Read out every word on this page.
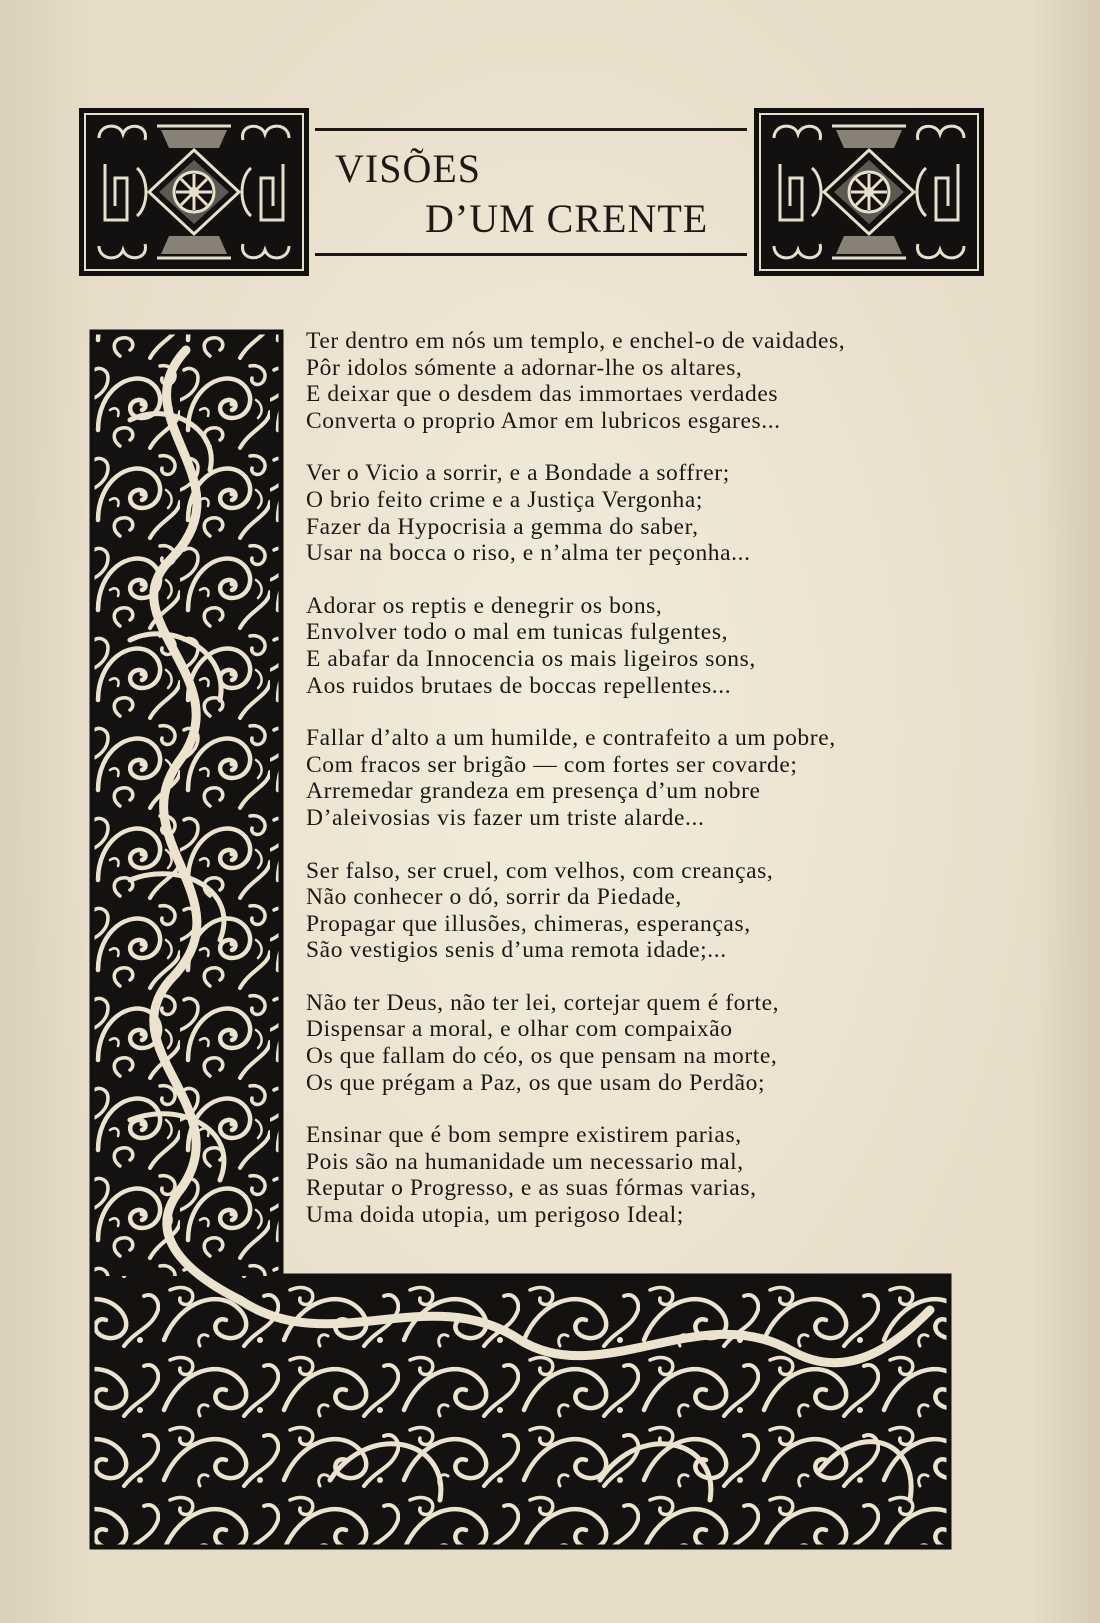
VISÕES
D’UM CRENTE
Ter dentro em nós um templo, e enchel-o de vaidades,
Pôr idolos sómente a adornar-lhe os altares,
E deixar que o desdem das immortaes verdades
Converta o proprio Amor em lubricos esgares...
Ver o Vicio a sorrir, e a Bondade a soffrer;
O brio feito crime e a Justiça Vergonha;
Fazer da Hypocrisia a gemma do saber,
Usar na bocca o riso, e n’alma ter peçonha...
Adorar os reptis e denegrir os bons,
Envolver todo o mal em tunicas fulgentes,
E abafar da Innocencia os mais ligeiros sons,
Aos ruidos brutaes de boccas repellentes...
Fallar d’alto a um humilde, e contrafeito a um pobre,
Com fracos ser brigão — com fortes ser covarde;
Arremedar grandeza em presença d’um nobre
D’aleivosias vis fazer um triste alarde...
Ser falso, ser cruel, com velhos, com creanças,
Não conhecer o dó, sorrir da Piedade,
Propagar que illusões, chimeras, esperanças,
São vestigios senis d’uma remota idade;...
Não ter Deus, não ter lei, cortejar quem é forte,
Dispensar a moral, e olhar com compaixão
Os que fallam do céo, os que pensam na morte,
Os que prégam a Paz, os que usam do Perdão;
Ensinar que é bom sempre existirem parias,
Pois são na humanidade um necessario mal,
Reputar o Progresso, e as suas fórmas varias,
Uma doida utopia, um perigoso Ideal;
